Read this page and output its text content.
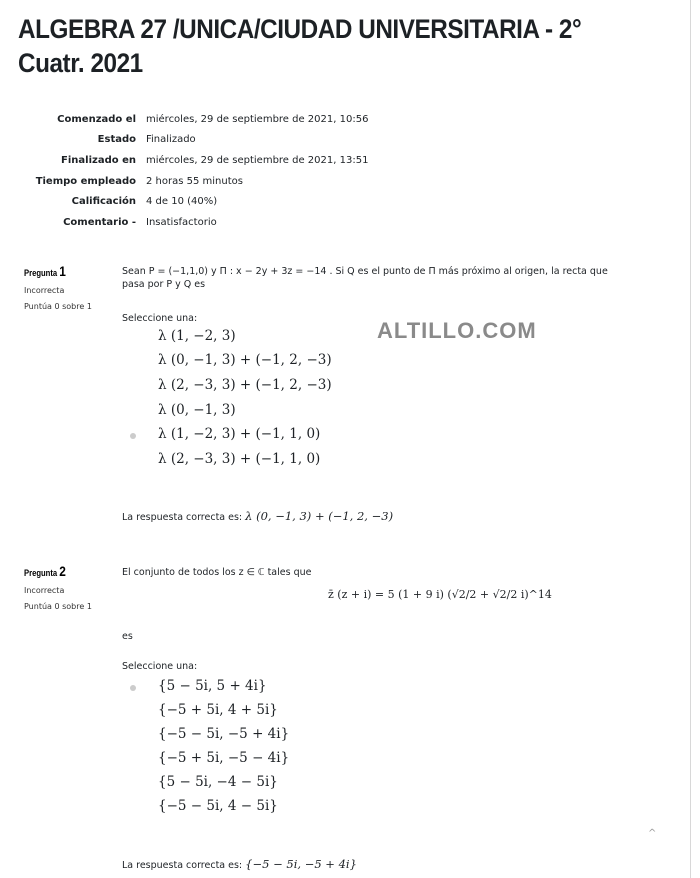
ALGEBRA 27 /UNICA/CIUDAD UNIVERSITARIA - 2° Cuatr. 2021
Comenzado el miércoles, 29 de septiembre de 2021, 10:56
Estado Finalizado
Finalizado en miércoles, 29 de septiembre de 2021, 13:51
Tiempo empleado 2 horas 55 minutos
Calificación 4 de 10 (40%)
Comentario - Insatisfactorio
Pregunta 1
Incorrecta
Puntúa 0 sobre 1
Sean P = (−1,1,0) y Π : x − 2y + 3z = −14 . Si Q es el punto de Π más próximo al origen, la recta que
pasa por P y Q es
Seleccione una:	ALTILLO.COM
λ (1, −2, 3)
λ (0, −1, 3) + (−1, 2, −3)
λ (2, −3, 3) + (−1, 2, −3)
λ (0, −1, 3)
λ (1, −2, 3) + (−1, 1, 0)
λ (2, −3, 3) + (−1, 1, 0)
La respuesta correcta es: λ (0, −1, 3) + (−1, 2, −3)
Pregunta 2
Incorrecta
Puntúa 0 sobre 1
El conjunto de todos los z ∈ ℂ tales que
z̄ (z + i) = 5 (1 + 9 i) (√2/2 + √2/2 i)^14
es
Seleccione una:
{5 − 5i, 5 + 4i}
{−5 + 5i, 4 + 5i}
{−5 − 5i, −5 + 4i}
{−5 + 5i, −5 − 4i}
{5 − 5i, −4 − 5i}
{−5 − 5i, 4 − 5i}
La respuesta correcta es: {−5 − 5i, −5 + 4i}
^
